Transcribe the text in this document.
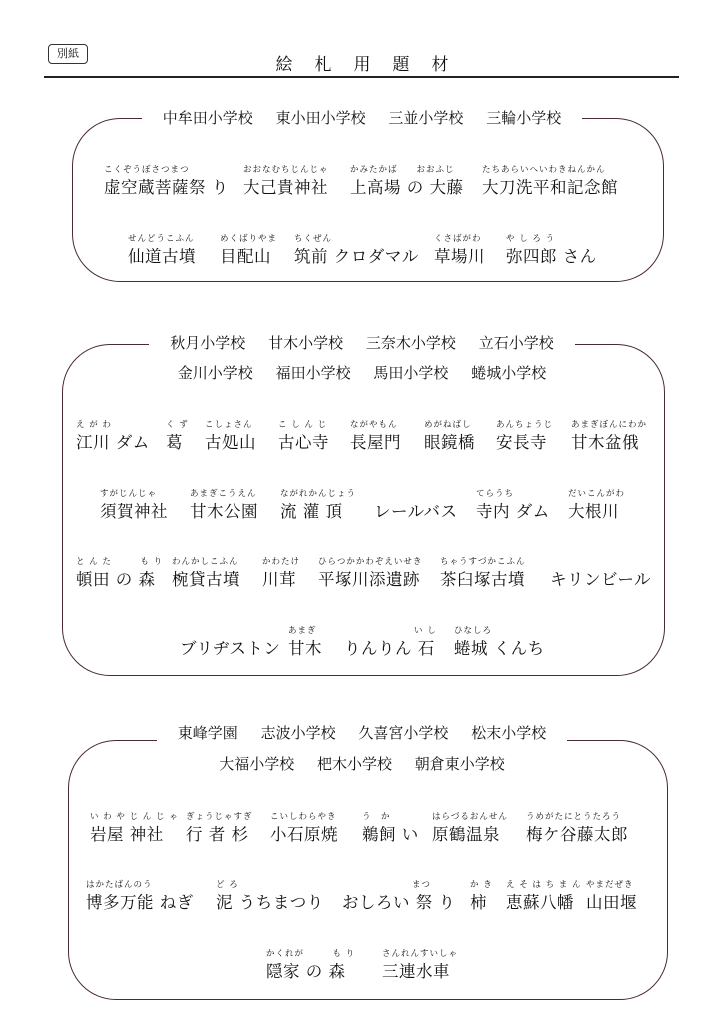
別紙
絵札用題材
中牟田小学校 東小田小学校 三並小学校 三輪小学校
こくぞうぼさつまつ
虚空蔵菩薩祭 り
おおなむちじんじゃ
大己貴神社
かみたかば　　おおふじ
上高場 の 大藤
たちあらいへいわきねんかん
大刀洗平和記念館
せんどうこふん
仙道古墳
めくばりやま
目配山
ちくぜん
筑前 クロダマル
くさばがわ
草場川
や し ろ う
弥四郎 さん
秋月小学校 甘木小学校 三奈木小学校 立石小学校
金川小学校 福田小学校 馬田小学校 蜷城小学校
え が わ
江川 ダム
く ず
葛
こしょさん
古処山
こ し ん じ
古心寺
ながやもん
長屋門
めがねばし
眼鏡橋
あんちょうじ
安長寺
あまぎぼんにわか
甘木盆俄
すがじんじゃ
須賀神社
あまぎこうえん
甘木公園
ながれかんじょう
流 灌 頂 レールバス
てらうち
寺内 ダム
だいこんがわ
大根川
と ん た　　　も り
頓田 の 森
わんかしこふん
椀貸古墳
かわたけ
川茸
ひらつかかわぞえいせき
平塚川添遺跡
ちゃうすづかこふん
茶臼塚古墳 キリンビール
ブリヂストン
あまぎ
甘木
い し
りんりん 石
ひなしろ
蜷城 くんち
東峰学園 志波小学校 久喜宮小学校 松末小学校
大福小学校 杷木小学校 朝倉東小学校
い わ や じ ん じ ゃ
岩屋 神社
ぎょうじゃすぎ
行 者 杉
こいしわらやき
小石原焼
う　か
鵜飼 い
はらづるおんせん
原鶴温泉
うめがたにとうたろう
梅ケ谷藤太郎
はかたばんのう
博多万能 ねぎ
ど ろ
泥 うちまつり
まつ
おしろい 祭 り
か き
柿
え そ は ち ま ん
恵蘇八幡
やまだぜき
山田堰
かくれが　　　も り
隠家 の 森
さんれんすいしゃ
三連水車
